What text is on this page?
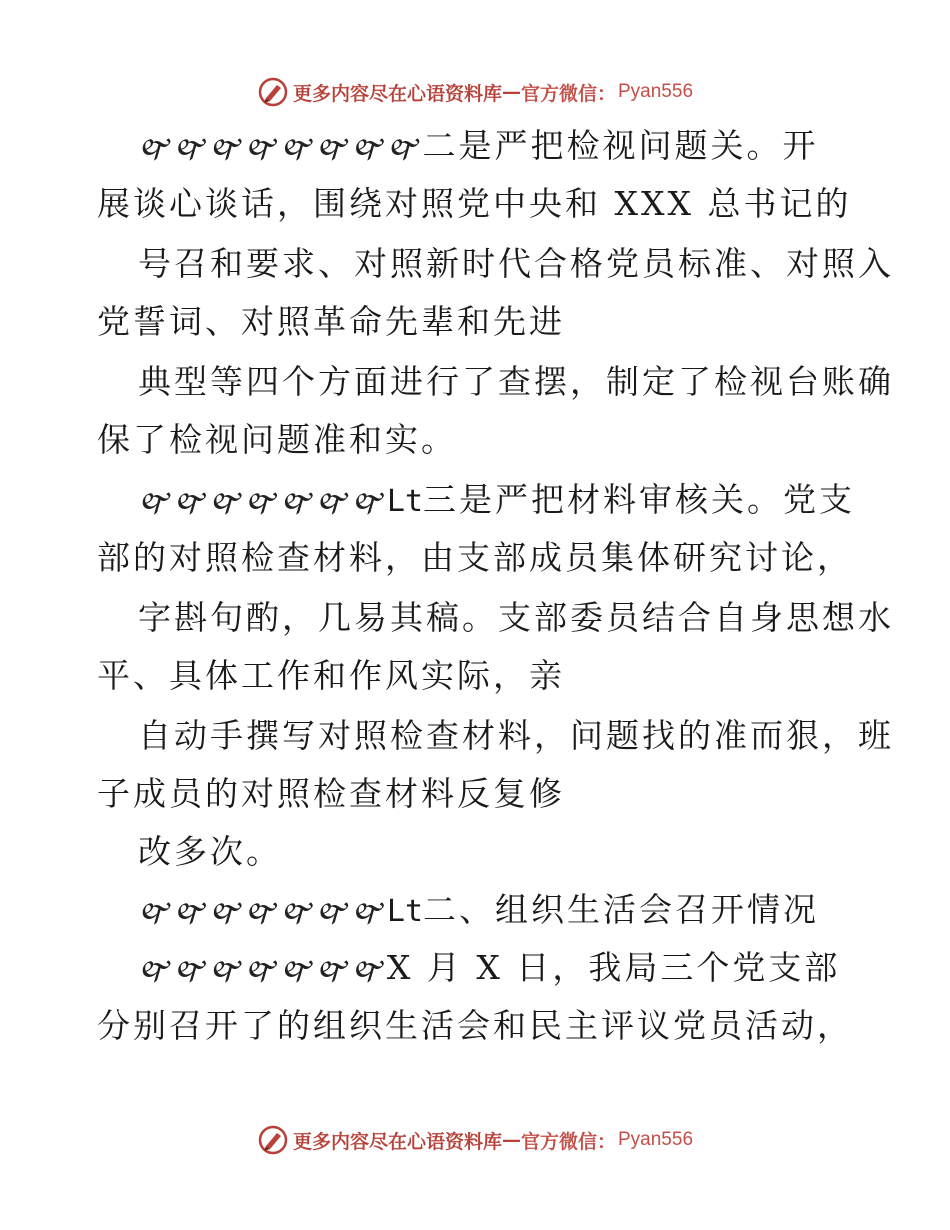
更多内容尽在心语资料库 — 官方微信： Pyan556
🙰🙰🙰🙰🙰🙰🙰🙰二是严把检视问题关。开
展谈心谈话，围绕对照党中央和 XXX 总书记的
号召和要求、对照新时代合格党员标准、对照入
党誓词、对照革命先辈和先进
典型等四个方面进行了查摆，制定了检视台账确
保了检视问题准和实。
🙰🙰🙰🙰🙰🙰🙰Lt三是严把材料审核关。党支
部的对照检查材料，由支部成员集体研究讨论，
字斟句酌，几易其稿。支部委员结合自身思想水
平、具体工作和作风实际，亲
自动手撰写对照检查材料，问题找的准而狠，班
子成员的对照检查材料反复修
改多次。
🙰🙰🙰🙰🙰🙰🙰Lt二、组织生活会召开情况
🙰🙰🙰🙰🙰🙰🙰X 月 X 日，我局三个党支部
分别召开了的组织生活会和民主评议党员活动，
更多内容尽在心语资料库 — 官方微信： Pyan556
